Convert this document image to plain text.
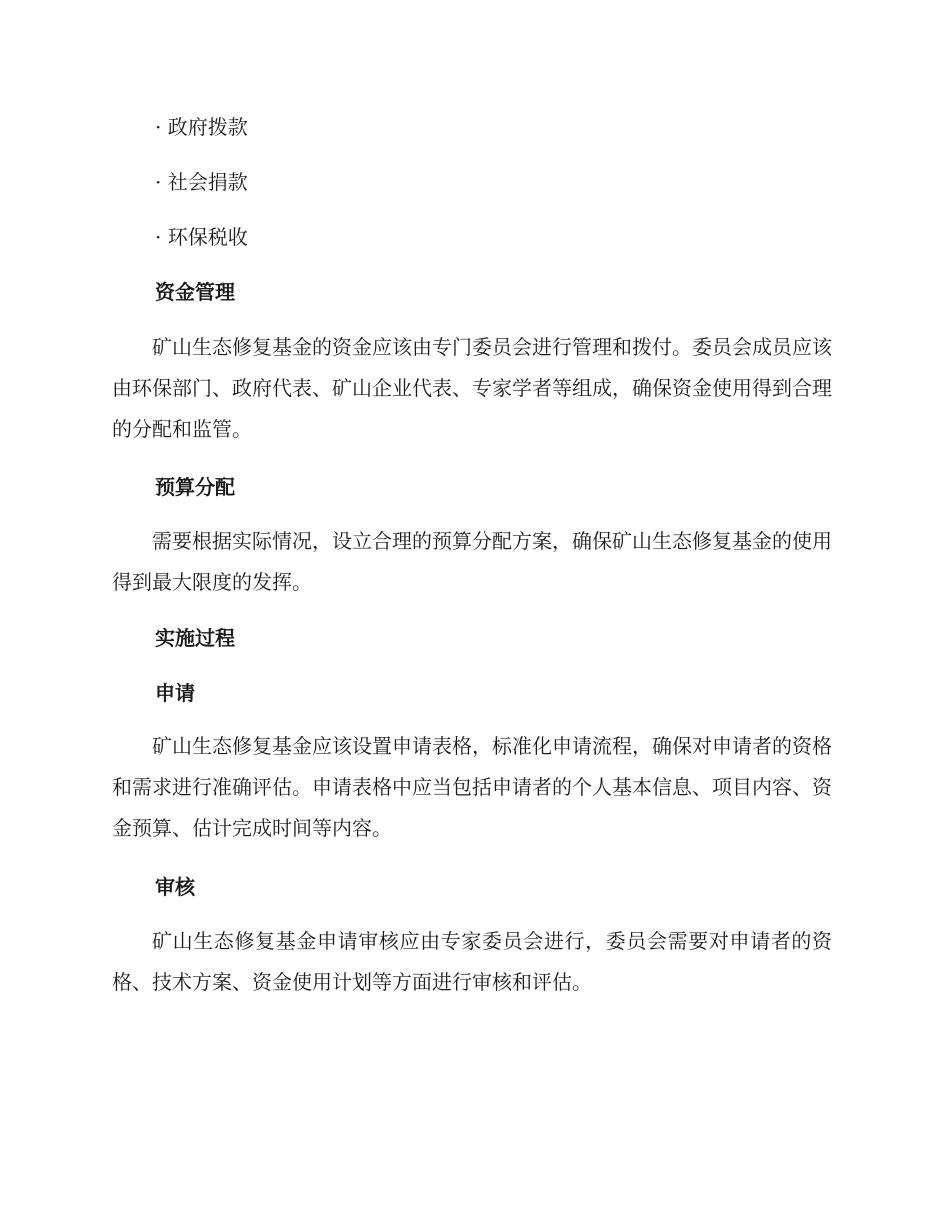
· 政府拨款
· 社会捐款
· 环保税收
资金管理
矿山生态修复基金的资金应该由专门委员会进行管理和拨付。委员会成员应该由环保部门、政府代表、矿山企业代表、专家学者等组成，确保资金使用得到合理的分配和监管。
预算分配
需要根据实际情况，设立合理的预算分配方案，确保矿山生态修复基金的使用得到最大限度的发挥。
实施过程
申请
矿山生态修复基金应该设置申请表格，标准化申请流程，确保对申请者的资格和需求进行准确评估。申请表格中应当包括申请者的个人基本信息、项目内容、资金预算、估计完成时间等内容。
审核
矿山生态修复基金申请审核应由专家委员会进行，委员会需要对申请者的资格、技术方案、资金使用计划等方面进行审核和评估。
